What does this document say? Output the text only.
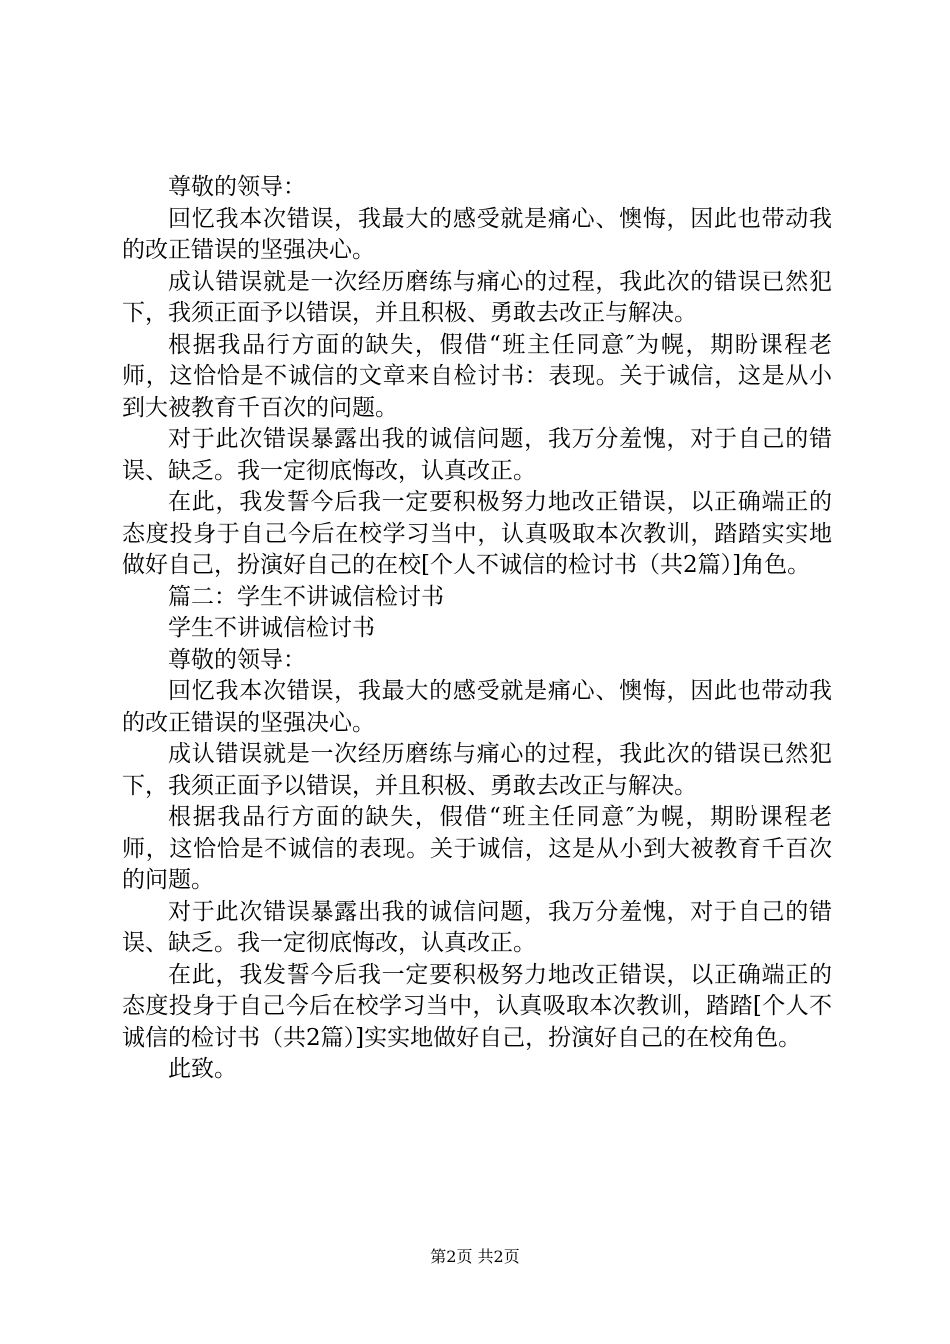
尊敬的领导：

回忆我本次错误，我最大的感受就是痛心、懊悔，因此也带动我的改正错误的坚强决心。

成认错误就是一次经历磨练与痛心的过程，我此次的错误已然犯下，我须正面予以错误，并且积极、勇敢去改正与解决。

根据我品行方面的缺失，假借“班主任同意″为幌，期盼课程老师，这恰恰是不诚信的文章来自检讨书：表现。关于诚信，这是从小到大被教育千百次的问题。

对于此次错误暴露出我的诚信问题，我万分羞愧，对于自己的错误、缺乏。我一定彻底悔改，认真改正。

在此，我发誓今后我一定要积极努力地改正错误，以正确端正的态度投身于自己今后在校学习当中，认真吸取本次教训，踏踏实实地做好自己，扮演好自己的在校[个人不诚信的检讨书（共2篇）]角色。

篇二：学生不讲诚信检讨书

学生不讲诚信检讨书

尊敬的领导：

回忆我本次错误，我最大的感受就是痛心、懊悔，因此也带动我的改正错误的坚强决心。

成认错误就是一次经历磨练与痛心的过程，我此次的错误已然犯下，我须正面予以错误，并且积极、勇敢去改正与解决。

根据我品行方面的缺失，假借“班主任同意″为幌，期盼课程老师，这恰恰是不诚信的表现。关于诚信，这是从小到大被教育千百次的问题。

对于此次错误暴露出我的诚信问题，我万分羞愧，对于自己的错误、缺乏。我一定彻底悔改，认真改正。

在此，我发誓今后我一定要积极努力地改正错误，以正确端正的态度投身于自己今后在校学习当中，认真吸取本次教训，踏踏[个人不诚信的检讨书（共2篇）]实实地做好自己，扮演好自己的在校角色。

此致。

第2页 共2页
